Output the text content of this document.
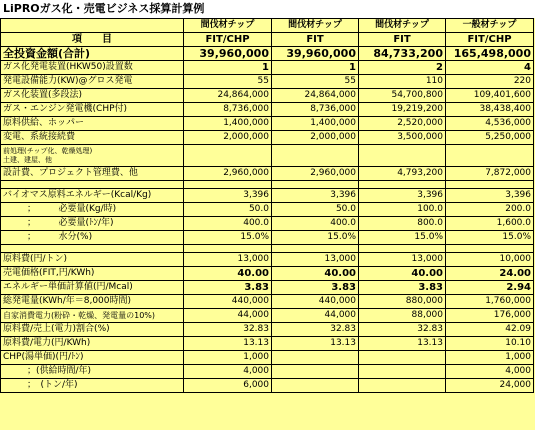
LiPROガス化・売電ビジネス採算計算例
	間伐材チップ	間伐材チップ	間伐材チップ	一般材チップ
項　　目	FIT/CHP	FIT	FIT	FIT/CHP
全投資金額(合計)	39,960,000	39,960,000	84,733,200	165,498,000
ガス化発電装置(HKW50)設置数	1	1	2	4
発電設備能力(KW)@グロス発電	55	55	110	220
ガス化装置(多段法)	24,864,000	24,864,000	54,700,800	109,401,600
ガス・エンジン発電機(CHP付)	8,736,000	8,736,000	19,219,200	38,438,400
原料供給、ホッパー	1,400,000	1,400,000	2,520,000	4,536,000
変電、系統接続費	2,000,000	2,000,000	3,500,000	5,250,000
前処理(チップ化、乾燥処理)
土建、建屋、他				
設計費、プロジェクト管理費、他	2,960,000	2,960,000	4,793,200	7,872,000

バイオマス原料エネルギー(Kcal/Kg)	3,396	3,396	3,396	3,396
；　　　必要量(Kg/時)	50.0	50.0	100.0	200.0
；　　　必要量(ﾄﾝ/年)	400.0	400.0	800.0	1,600.0
；　　　水分(%)	15.0%	15.0%	15.0%	15.0%

原料費(円/トン)	13,000	13,000	13,000	10,000
売電価格(FIT,円/KWh)	40.00	40.00	40.00	24.00
エネルギー単価計算値(円/Mcal)	3.83	3.83	3.83	2.94
総発電量(KWh/年＝8,000時間)	440,000	440,000	880,000	1,760,000
自家消費電力(粉砕・乾燥、発電量の10%)	44,000	44,000	88,000	176,000
原料費/売上(電力)割合(%)	32.83	32.83	32.83	42.09
原料費/電力(円/KWh)	13.13	13.13	13.13	10.10
CHP(湯単価)(円/ﾄﾝ)	1,000			1,000
；(供給時間/年)	4,000			4,000
；　(トン/年)	6,000			24,000
